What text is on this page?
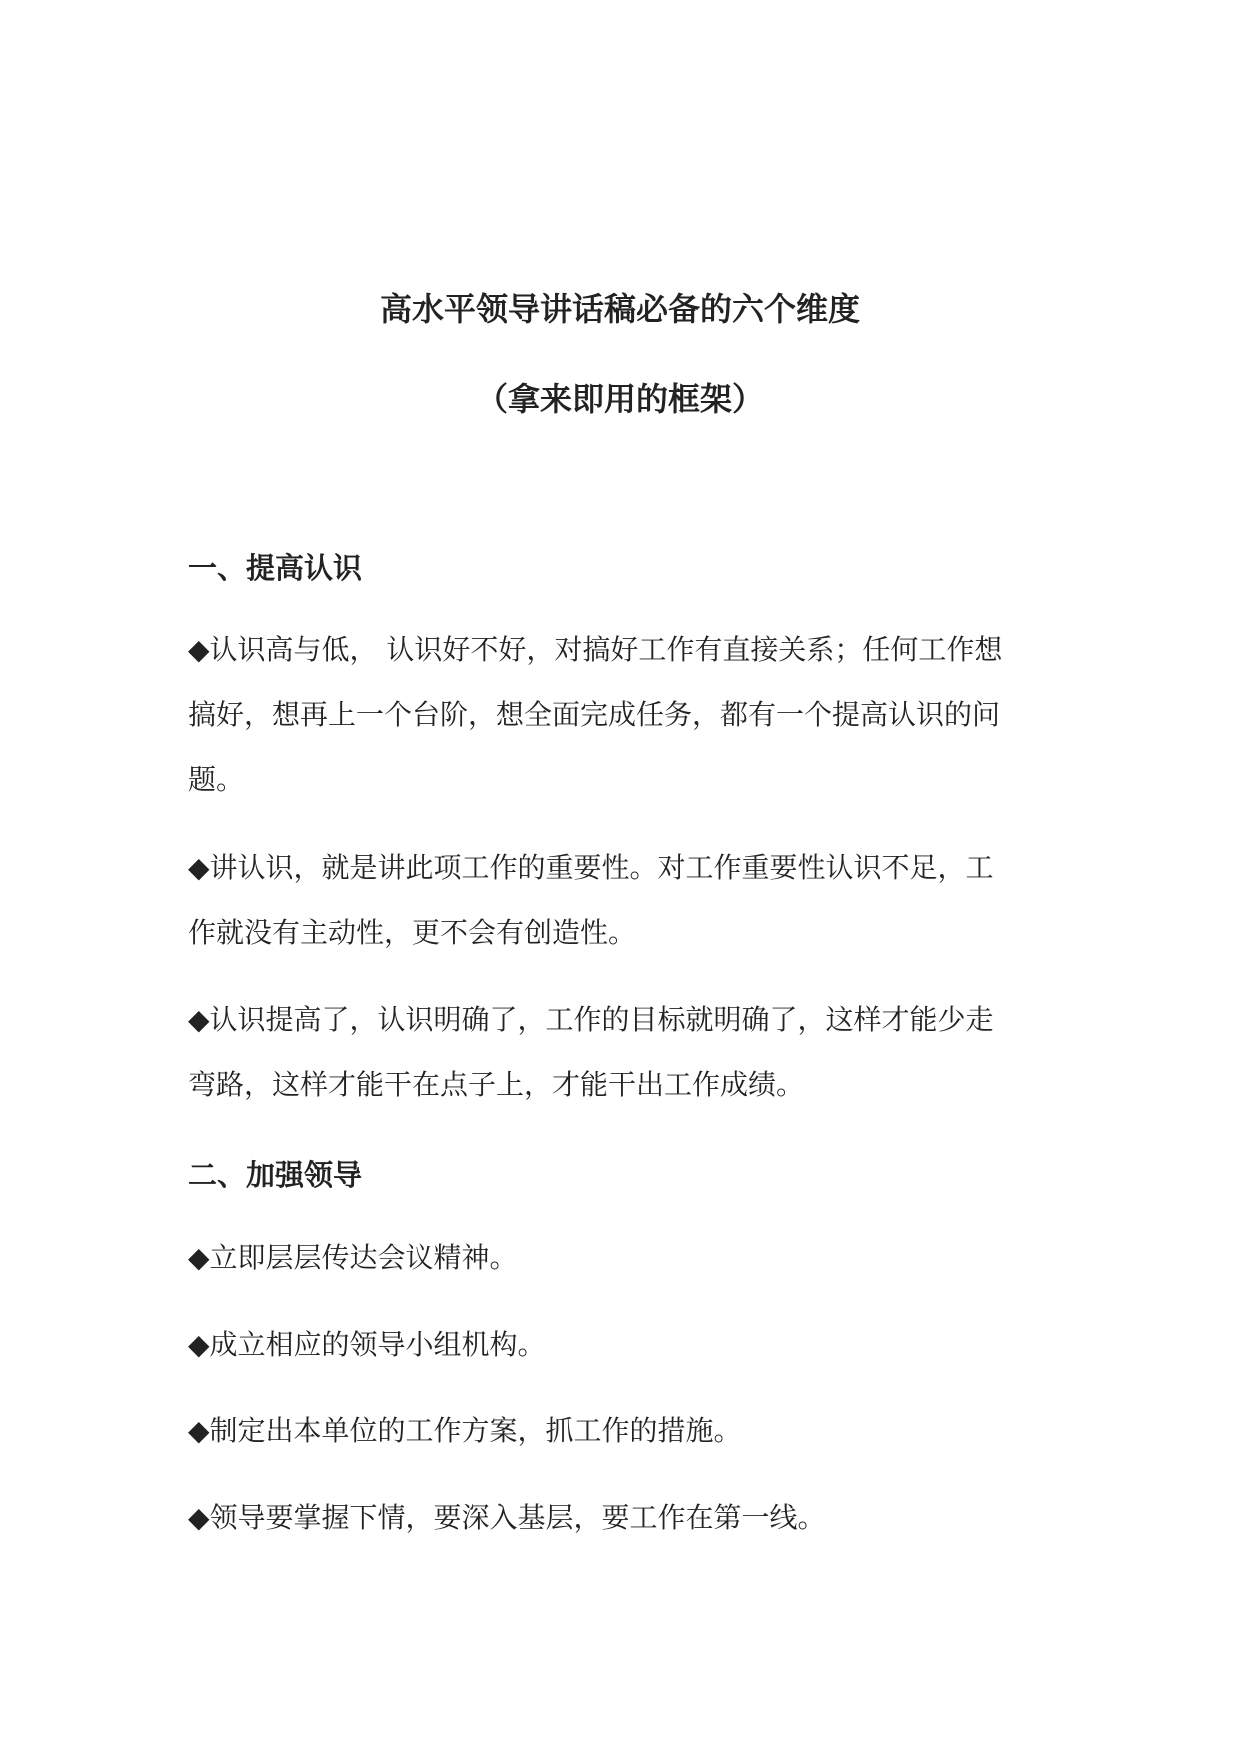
高水平领导讲话稿必备的六个维度
（拿来即用的框架）
一、提高认识
◆认识高与低， 认识好不好，对搞好工作有直接关系；任何工作想
搞好，想再上一个台阶，想全面完成任务，都有一个提高认识的问
题。
◆讲认识，就是讲此项工作的重要性。对工作重要性认识不足，工
作就没有主动性，更不会有创造性。
◆认识提高了，认识明确了，工作的目标就明确了，这样才能少走
弯路，这样才能干在点子上，才能干出工作成绩。
二、加强领导
◆立即层层传达会议精神。
◆成立相应的领导小组机构。
◆制定出本单位的工作方案，抓工作的措施。
◆领导要掌握下情，要深入基层，要工作在第一线。
